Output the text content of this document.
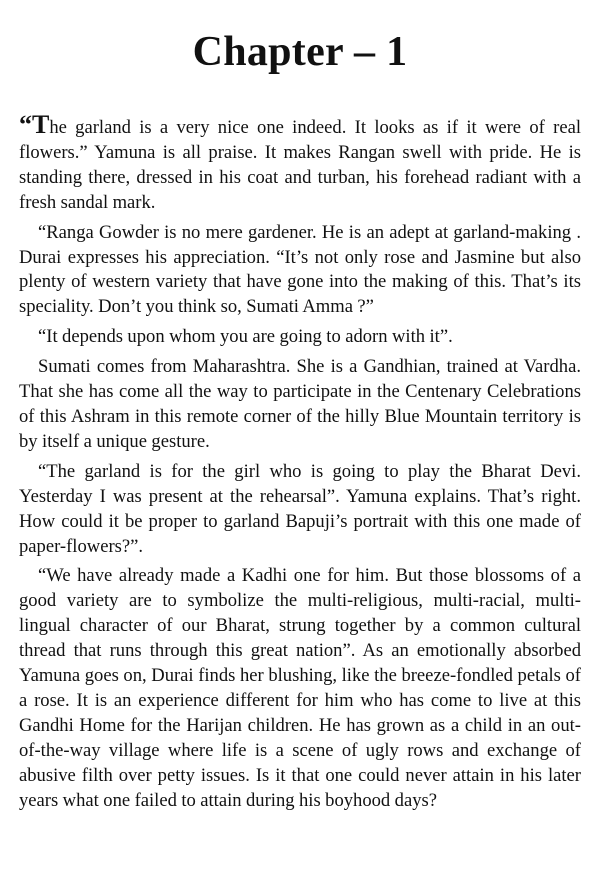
Chapter – 1

“The garland is a very nice one indeed. It looks as if it were of real flowers.” Yamuna is all praise. It makes Rangan swell with pride. He is standing there, dressed in his coat and turban, his forehead radiant with a fresh sandal mark.

“Ranga Gowder is no mere gardener. He is an adept at garland-making . Durai expresses his appreciation. “It’s not only rose and Jasmine but also plenty of western variety that have gone into the making of this. That’s its speciality. Don’t you think so, Sumati Amma ?”

“It depends upon whom you are going to adorn with it”.

Sumati comes from Maharashtra. She is a Gandhian, trained at Vardha. That she has come all the way to participate in the Centenary Celebrations of this Ashram in this remote corner of the hilly Blue Mountain territory is by itself a unique gesture.

“The garland is for the girl who is going to play the Bharat Devi. Yesterday I was present at the rehearsal”. Yamuna explains. That’s right. How could it be proper to garland Bapuji’s portrait with this one made of paper-flowers?”.

“We have already made a Kadhi one for him. But those blossoms of a good variety are to symbolize the multi-religious, multi-racial, multi-lingual character of our Bharat, strung together by a common cultural thread that runs through this great nation”. As an emotionally absorbed Yamuna goes on, Durai finds her blushing, like the breeze-fondled petals of a rose. It is an experience different for him who has come to live at this Gandhi Home for the Harijan children. He has grown as a child in an out-of-the-way village where life is a scene of ugly rows and exchange of abusive filth over petty issues. Is it that one could never attain in his later years what one failed to attain during his boyhood days?
